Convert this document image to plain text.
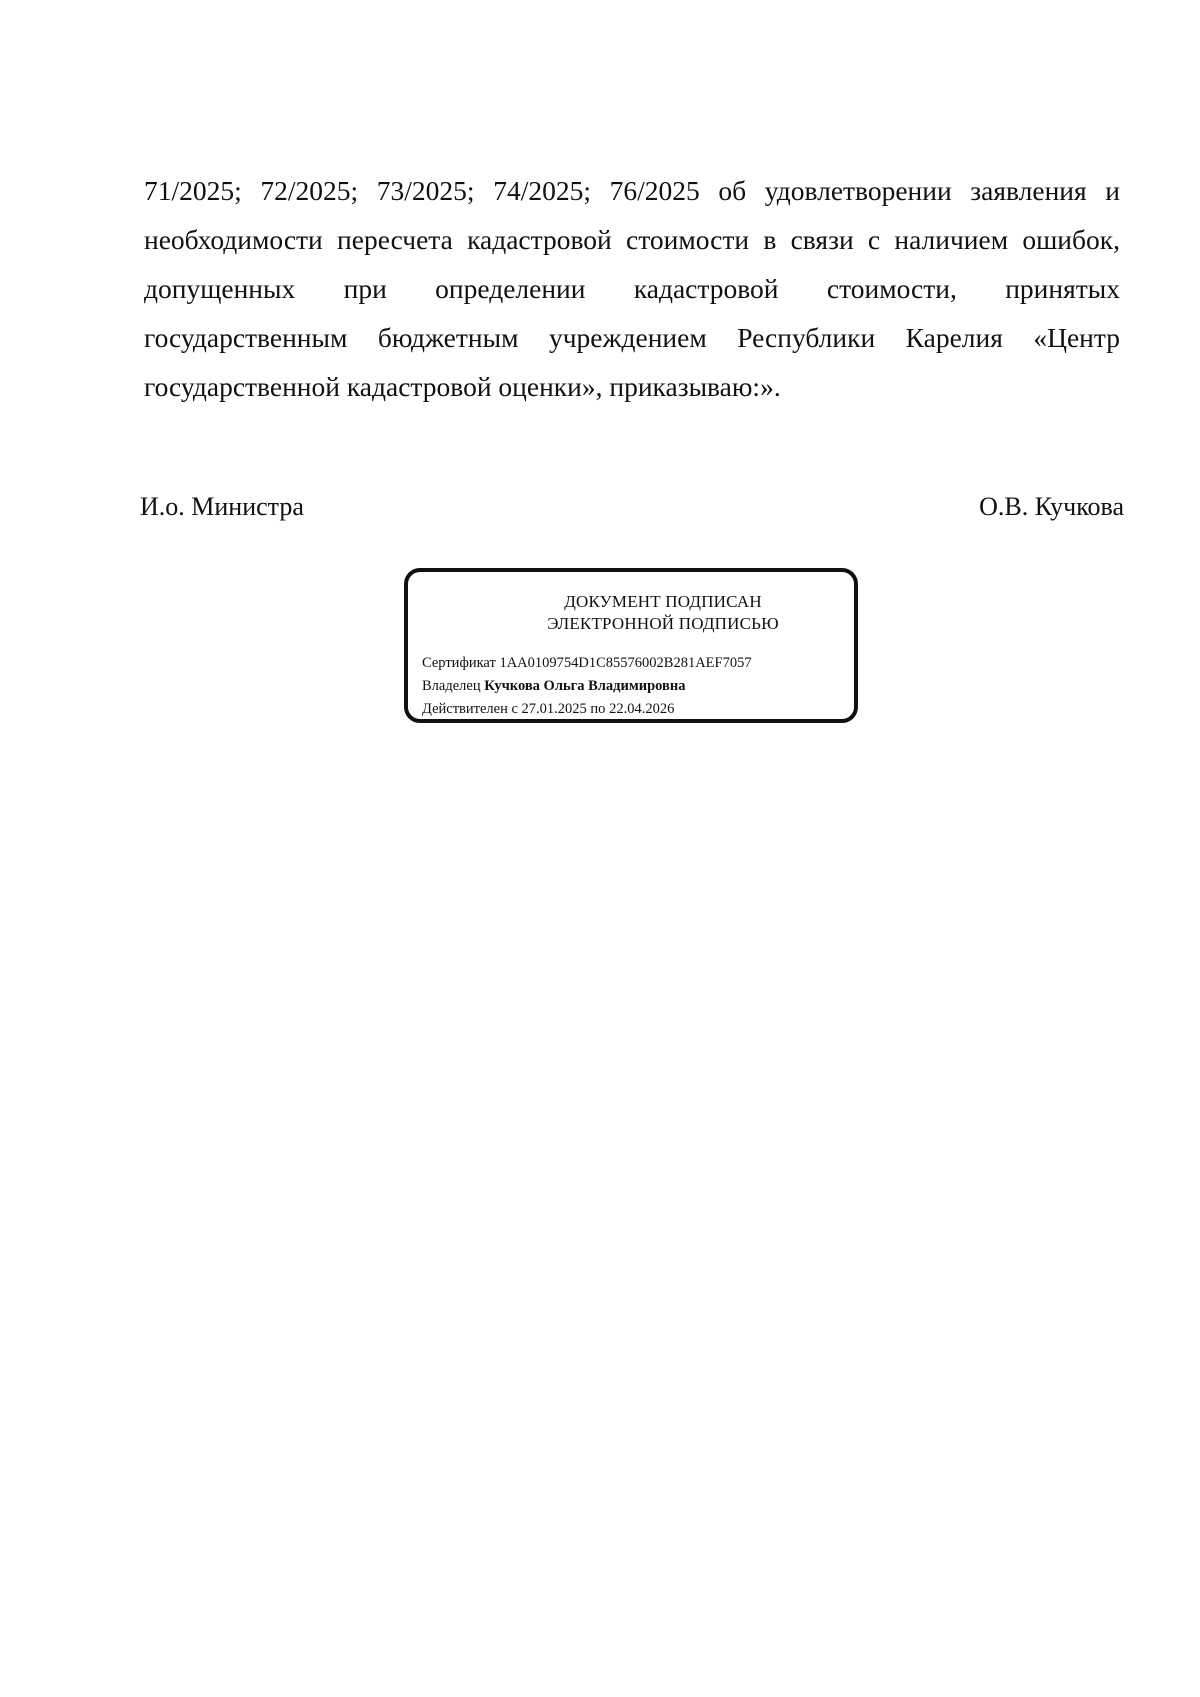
71/2025; 72/2025; 73/2025; 74/2025; 76/2025 об удовлетворении заявления и необходимости пересчета кадастровой стоимости в связи с наличием ошибок, допущенных при определении кадастровой стоимости, принятых государственным бюджетным учреждением Республики Карелия «Центр государственной кадастровой оценки», приказываю:».

И.о. Министра	О.В. Кучкова
ДОКУМЕНТ ПОДПИСАН
ЭЛЕКТРОННОЙ ПОДПИСЬЮ
Сертификат 1AA0109754D1C85576002B281AEF7057
Владелец Кучкова Ольга Владимировна
Действителен с 27.01.2025 по 22.04.2026
